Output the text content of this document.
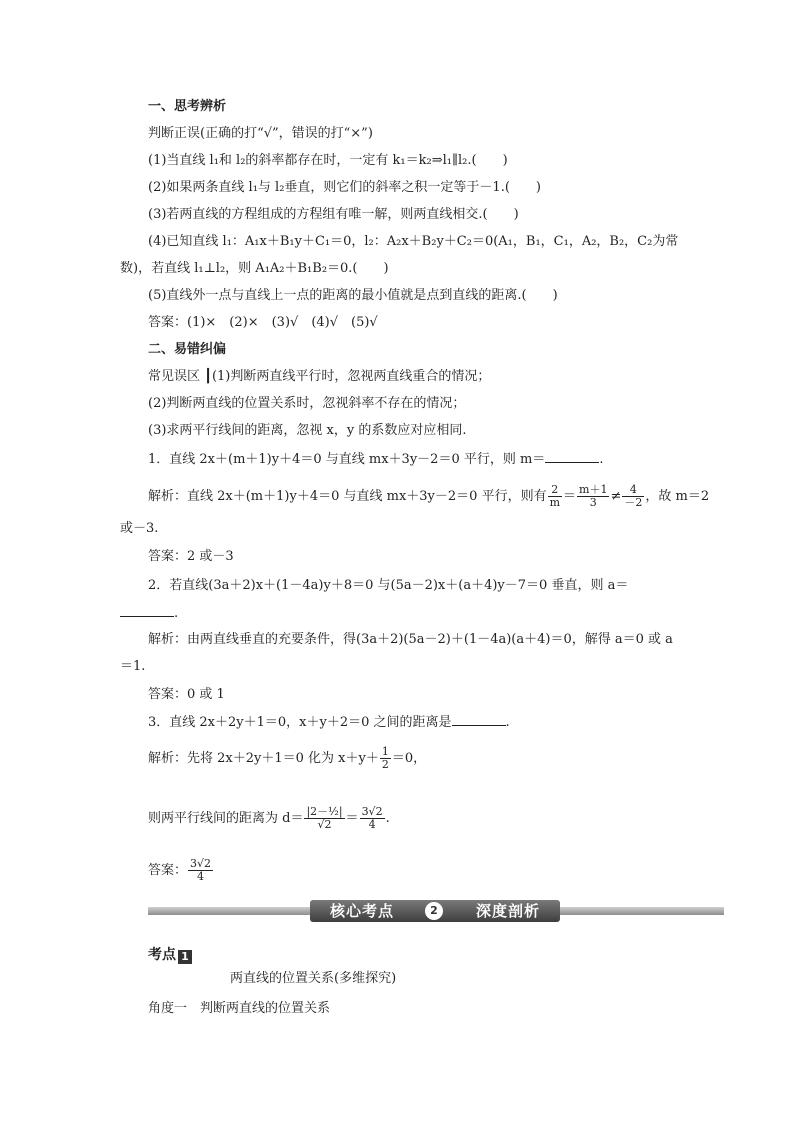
一、思考辨析
判断正误(正确的打“√”，错误的打“×”)
(1)当直线 l₁和 l₂的斜率都存在时，一定有 k₁＝k₂⇒l₁∥l₂.(　　)
(2)如果两条直线 l₁与 l₂垂直，则它们的斜率之积一定等于－1.(　　)
(3)若两直线的方程组成的方程组有唯一解，则两直线相交.(　　)
(4)已知直线 l₁：A₁x＋B₁y＋C₁＝0，l₂：A₂x＋B₂y＋C₂＝0(A₁，B₁，C₁，A₂，B₂，C₂为常
数)，若直线 l₁⊥l₂，则 A₁A₂＋B₁B₂＝0.(　　)
(5)直线外一点与直线上一点的距离的最小值就是点到直线的距离.(　　)
答案：(1)×　(2)×　(3)√　(4)√　(5)√
二、易错纠偏
常见误区 ┃(1)判断两直线平行时，忽视两直线重合的情况；
(2)判断两直线的位置关系时，忽视斜率不存在的情况；
(3)求两平行线间的距离，忽视 x，y 的系数应对应相同.
1．直线 2x＋(m＋1)y＋4＝0 与直线 mx＋3y－2＝0 平行，则 m＝	.
解析：直线 2x＋(m＋1)y＋4＝0 与直线 mx＋3y－2＝0 平行，则有 $\frac{2}{m} = \frac{m+1}{3} \ne \frac{4}{-2}$ ，故 m＝2
或－3.
答案：2 或－3
2．若直线(3a＋2)x＋(1－4a)y＋8＝0 与(5a－2)x＋(a＋4)y－7＝0 垂直，则 a＝
.
解析：由两直线垂直的充要条件，得(3a＋2)(5a－2)＋(1－4a)(a＋4)＝0，解得 a＝0 或 a
＝1.
答案：0 或 1
3．直线 2x＋2y＋1＝0，x＋y＋2＝0 之间的距离是	.
解析：先将 2x＋2y＋1＝0 化为 $x+y+ \frac{1}{2} =0$，
则两平行线间的距离为 $d= \frac{\text{|2－½|}}{√2} = \frac{3√2}{4}$ .
答案： $\frac{3√2}{4}$
核心考点	2	深度剖析
考点 1
两直线的位置关系(多维探究)
角度一　判断两直线的位置关系
